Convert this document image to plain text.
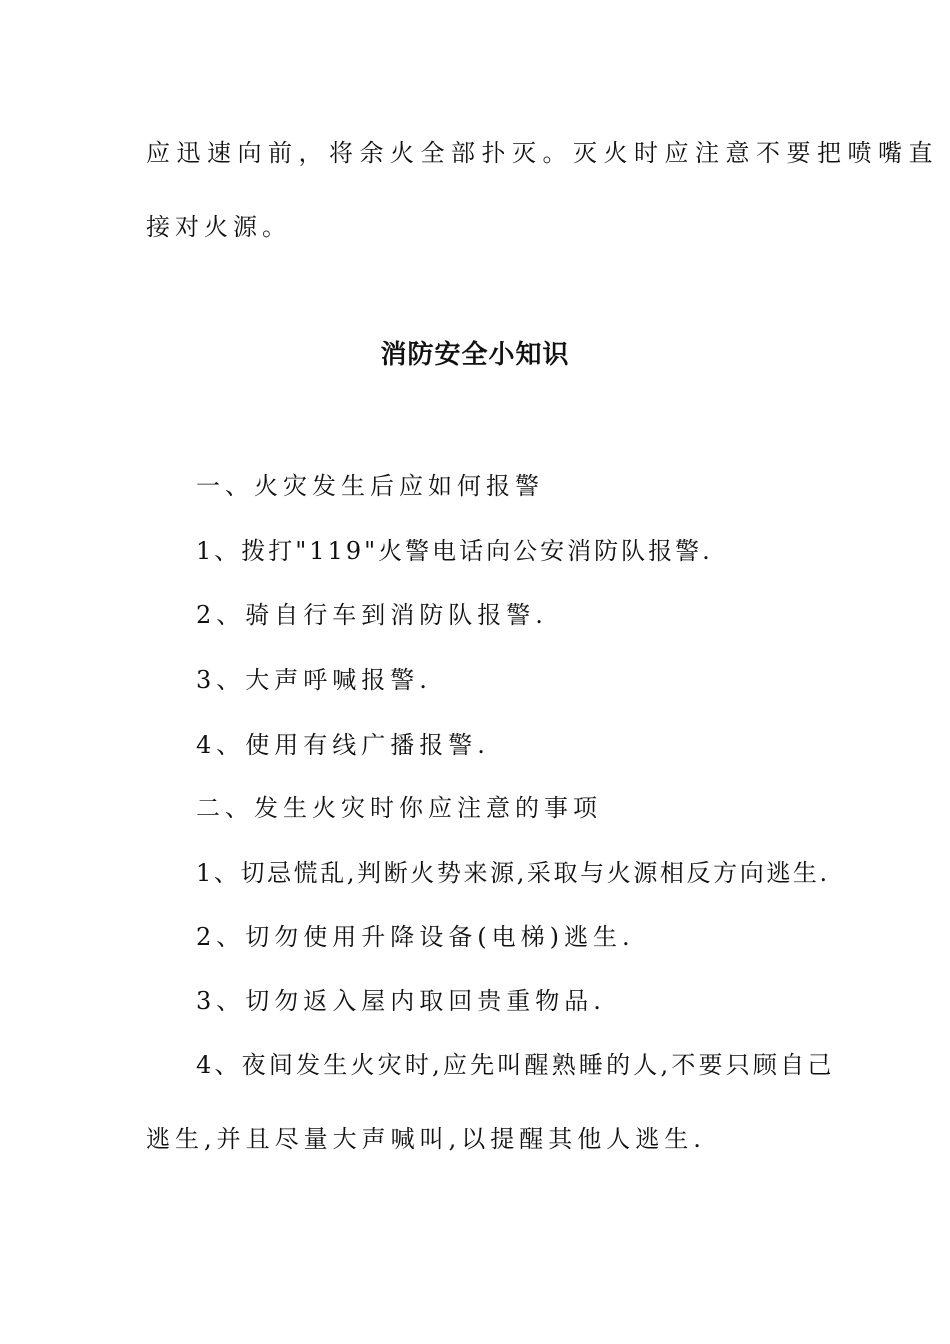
应迅速向前，将余火全部扑灭。灭火时应注意不要把喷嘴直
接对火源。
消防安全小知识
一、火灾发生后应如何报警
1、拨打"119"火警电话向公安消防队报警.
2、骑自行车到消防队报警.
3、大声呼喊报警.
4、使用有线广播报警.
二、发生火灾时你应注意的事项
1、切忌慌乱,判断火势来源,采取与火源相反方向逃生.
2、切勿使用升降设备(电梯)逃生.
3、切勿返入屋内取回贵重物品.
4、夜间发生火灾时,应先叫醒熟睡的人,不要只顾自己
逃生,并且尽量大声喊叫,以提醒其他人逃生.
